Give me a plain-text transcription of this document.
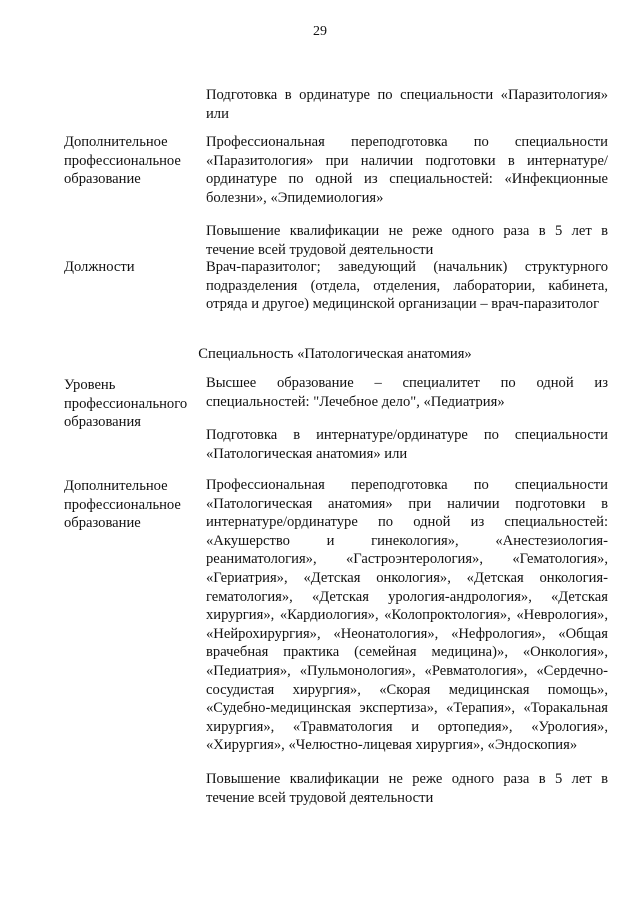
29

Подготовка в ординатуре по специальности «Паразитология» или

Дополнительное профессиональное образование

Профессиональная переподготовка по специальности «Паразитология» при наличии подготовки в интернатуре/ординатуре по одной из специальностей: «Инфекционные болезни», «Эпидемиология»

Повышение квалификации не реже одного раза в 5 лет в течение всей трудовой деятельности

Должности	Врач-паразитолог; заведующий (начальник) структурного подразделения (отдела, отделения, лаборатории, кабинета, отряда и другое) медицинской организации – врач-паразитолог

Специальность «Патологическая анатомия»
Уровень профессионального образования

Высшее образование – специалитет по одной из специальностей: "Лечебное дело", «Педиатрия»

Подготовка в интернатуре/ординатуре по специальности «Патологическая анатомия» или

Дополнительное профессиональное образование

Профессиональная переподготовка по специальности «Патологическая анатомия» при наличии подготовки в интернатуре/ординатуре по одной из специальностей: «Акушерство и гинекология», «Анестезиология-реаниматология», «Гастроэнтерология», «Гематология», «Гериатрия», «Детская онкология», «Детская онкология-гематология», «Детская урология-андрология», «Детская хирургия», «Кардиология», «Колопроктология», «Неврология», «Нейрохирургия», «Неонатология», «Нефрология», «Общая врачебная практика (семейная медицина)», «Онкология», «Педиатрия», «Пульмонология», «Ревматология», «Сердечно-сосудистая хирургия», «Скорая медицинская помощь», «Судебно-медицинская экспертиза», «Терапия», «Торакальная хирургия», «Травматология и ортопедия», «Урология», «Хирургия», «Челюстно-лицевая хирургия», «Эндоскопия»

Повышение квалификации не реже одного раза в 5 лет в течение всей трудовой деятельности
